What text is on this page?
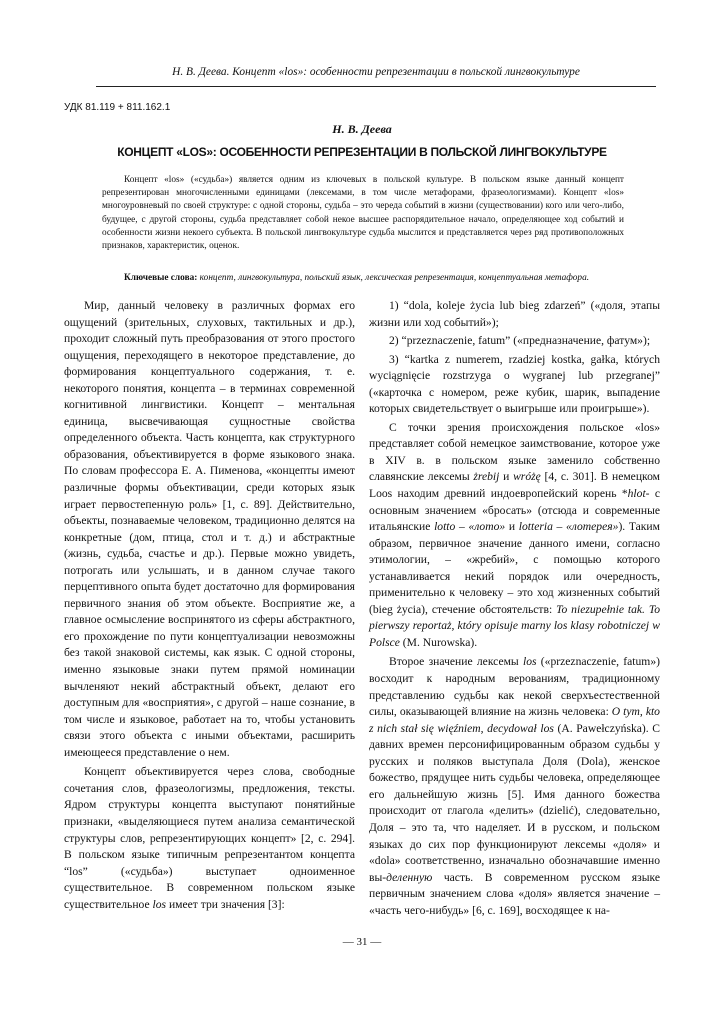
Н. В. Деева. Концепт «los»: особенности репрезентации в польской лингвокультуре
УДК 81.119 + 811.162.1
Н. В. Деева
КОНЦЕПТ «LOS»: ОСОБЕННОСТИ РЕПРЕЗЕНТАЦИИ В ПОЛЬСКОЙ ЛИНГВОКУЛЬТУРЕ

Концепт «los» («судьба») является одним из ключевых в польской культуре. В польском языке данный концепт репрезентирован многочисленными единицами (лексемами, в том числе метафорами, фразеологизмами). Концепт «los» многоуровневый по своей структуре: с одной стороны, судьба – это череда событий в жизни (существовании) кого или чего-либо, будущее, с другой стороны, судьба представляет собой некое высшее распорядительное начало, определяющее ход событий и особенности жизни некоего субъекта. В польской лингвокультуре судьба мыслится и представляется через ряд противоположных признаков, характеристик, оценок.

Ключевые слова: концепт, лингвокультура, польский язык, лексическая репрезентация, концептуальная метафора.

Мир, данный человеку в различных формах его ощущений (зрительных, слуховых, тактильных и др.), проходит сложный путь преобразования от этого простого ощущения, переходящего в некоторое представление, до формирования концептуального содержания, т. е. некоторого понятия, концепта – в терминах современной когнитивной лингвистики. Концепт – ментальная единица, высвечивающая сущностные свойства определенного объекта. Часть концепта, как структурного образования, объективируется в форме языкового знака. По словам профессора Е. А. Пименова, «концепты имеют различные формы объективации, среди которых язык играет первостепенную роль» [1, с. 89]. Действительно, объекты, познаваемые человеком, традиционно делятся на конкретные (дом, птица, стол и т. д.) и абстрактные (жизнь, судьба, счастье и др.). Первые можно увидеть, потрогать или услышать, и в данном случае такого перцептивного опыта будет достаточно для формирования первичного знания об этом объекте. Восприятие же, а главное осмысление воспринятого из сферы абстрактного, его прохождение по пути концептуализации невозможны без такой знаковой системы, как язык. С одной стороны, именно языковые знаки путем прямой номинации вычленяют некий абстрактный объект, делают его доступным для «восприятия», с другой – наше сознание, в том числе и языковое, работает на то, чтобы установить связи этого объекта с иными объектами, расширить имеющееся представление о нем.

Концепт объективируется через слова, свободные сочетания слов, фразеологизмы, предложения, тексты. Ядром структуры концепта выступают понятийные признаки, «выделяющиеся путем анализа семантической структуры слов, репрезентирующих концепт» [2, с. 294]. В польском языке типичным репрезентантом концепта “los” («судьба») выступает одноименное существительное. В современном польском языке существительное los имеет три значения [3]:

1) “dola, koleje życia lub bieg zdarzeń” («доля, этапы жизни или ход событий»);

2) “przeznaczenie, fatum” («предназначение, фатум»);

3) “kartka z numerem, rzadziej kostka, gałka, których wyciągnięcie rozstrzyga o wygranej lub przegranej” («карточка с номером, реже кубик, шарик, выпадение которых свидетельствует о выигрыше или проигрыше»).

С точки зрения происхождения польское «los» представляет собой немецкое заимствование, которое уже в XIV в. в польском языке заменило собственно славянские лексемы żrebij и wróżę [4, с. 301]. В немецком Loos находим древний индоевропейский корень *hlot- с основным значением «бросать» (отсюда и современные итальянские lotto – «лото» и lotteria – «лотерея»). Таким образом, первичное значение данного имени, согласно этимологии, – «жребий», с помощью которого устанавливается некий порядок или очередность, применительно к человеку – это ход жизненных событий (bieg życia), стечение обстоятельств: To niezupełnie tak. To pierwszy reportaż, który opisuje marny los klasy robotniczej w Polsce (M. Nurowska).

Второе значение лексемы los («przeznaczenie, fatum») восходит к народным верованиям, традиционному представлению судьбы как некой сверхъестественной силы, оказывающей влияние на жизнь человека: O tym, kto z nich stał się więźniem, decydował los (A. Pawełczyńska). С давних времен персонифицированным образом судьбы у русских и поляков выступала Доля (Dola), женское божество, прядущее нить судьбы человека, определяющее его дальнейшую жизнь [5]. Имя данного божества происходит от глагола «делить» (dzielić), следовательно, Доля – это та, что наделяет. И в русском, и польском языках до сих пор функционируют лексемы «доля» и «dola» соответственно, изначально обозначавшие именно вы-деленную часть. В современном русском языке первичным значением слова «доля» является значение – «часть чего-нибудь» [6, с. 169], восходящее к на-

— 31 —
